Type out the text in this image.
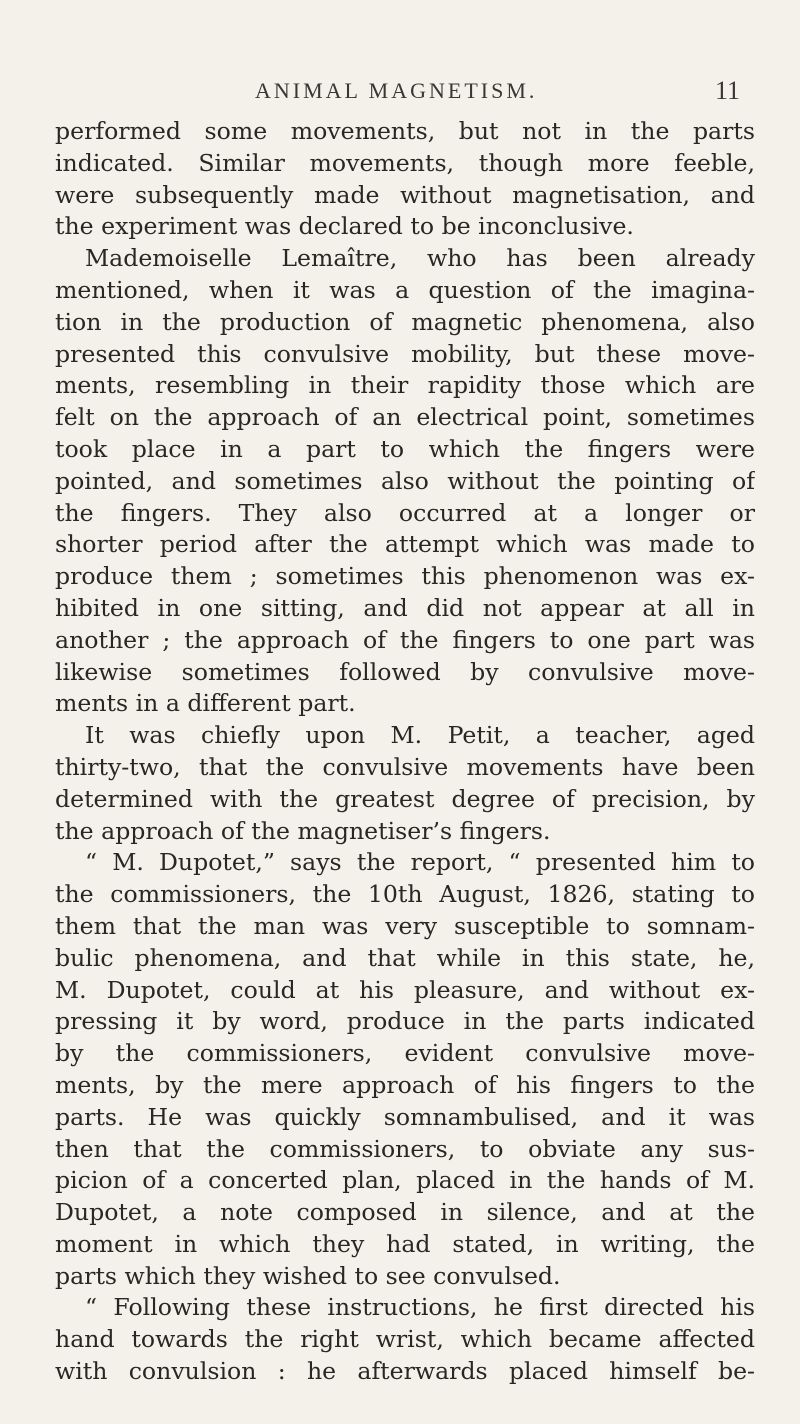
ANIMAL MAGNETISM.	11
performed some movements, but not in the parts
indicated. Similar movements, though more feeble,
were subsequently made without magnetisation, and
the experiment was declared to be inconclusive.
Mademoiselle Lemaître, who has been already
mentioned, when it was a question of the imagina-
tion in the production of magnetic phenomena, also
presented this convulsive mobility, but these move-
ments, resembling in their rapidity those which are
felt on the approach of an electrical point, sometimes
took place in a part to which the fingers were
pointed, and sometimes also without the pointing of
the fingers. They also occurred at a longer or
shorter period after the attempt which was made to
produce them ; sometimes this phenomenon was ex-
hibited in one sitting, and did not appear at all in
another ; the approach of the fingers to one part was
likewise sometimes followed by convulsive move-
ments in a different part.
It was chiefly upon M. Petit, a teacher, aged
thirty-two, that the convulsive movements have been
determined with the greatest degree of precision, by
the approach of the magnetiser’s fingers.
“ M. Dupotet,” says the report, “ presented him to
the commissioners, the 10th August, 1826, stating to
them that the man was very susceptible to somnam-
bulic phenomena, and that while in this state, he,
M. Dupotet, could at his pleasure, and without ex-
pressing it by word, produce in the parts indicated
by the commissioners, evident convulsive move-
ments, by the mere approach of his fingers to the
parts. He was quickly somnambulised, and it was
then that the commissioners, to obviate any sus-
picion of a concerted plan, placed in the hands of M.
Dupotet, a note composed in silence, and at the
moment in which they had stated, in writing, the
parts which they wished to see convulsed.
“ Following these instructions, he first directed his
hand towards the right wrist, which became affected
with convulsion : he afterwards placed himself be-
